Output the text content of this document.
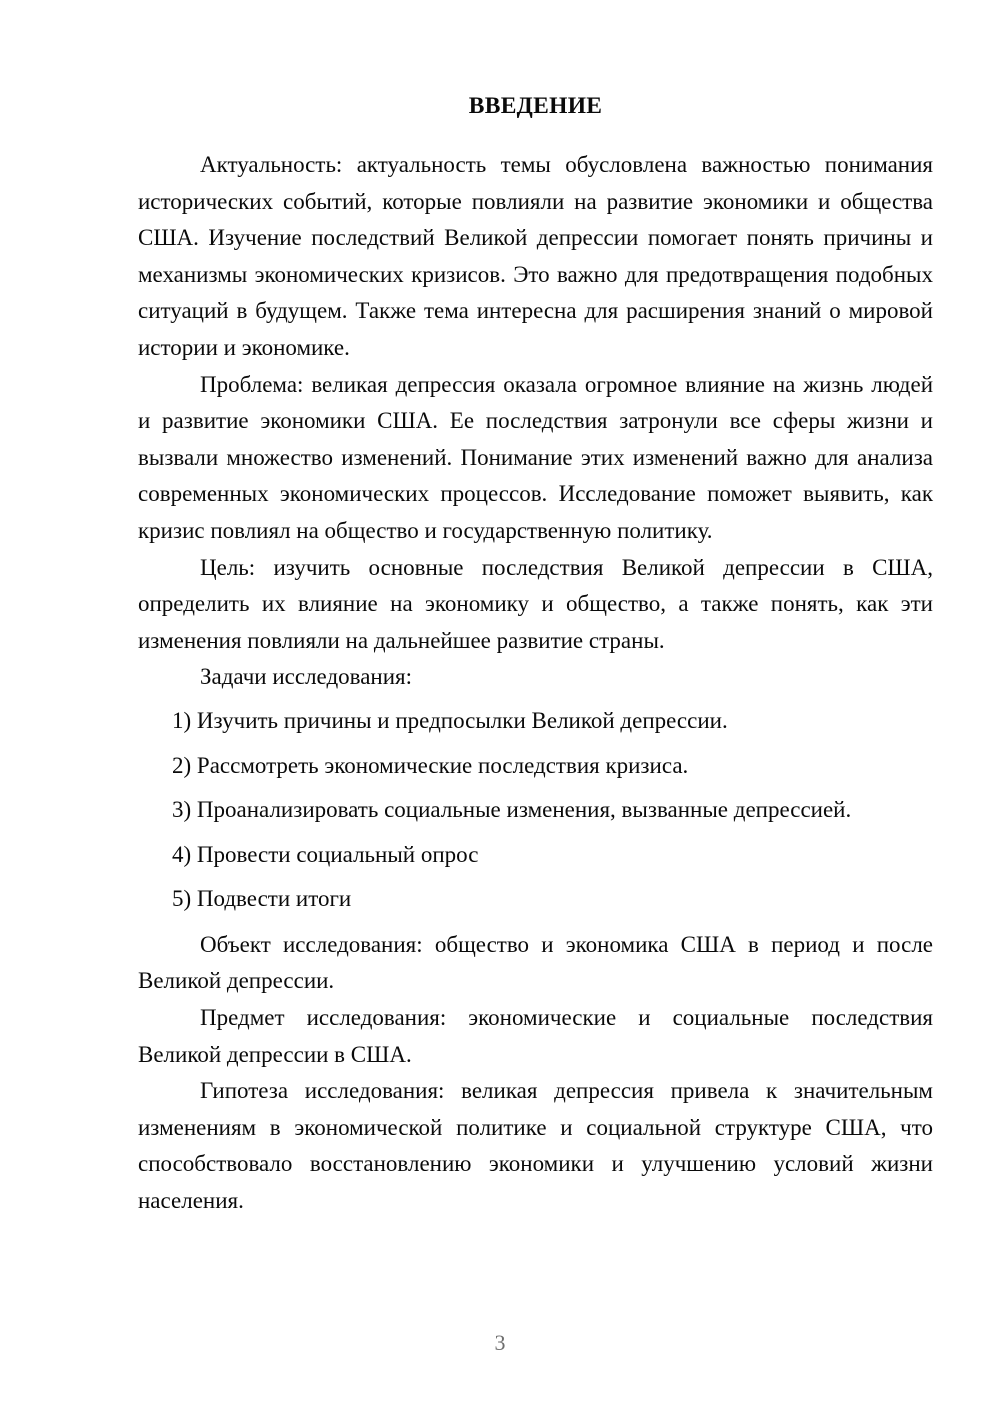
ВВЕДЕНИЕ

Актуальность: актуальность темы обусловлена важностью понимания исторических событий, которые повлияли на развитие экономики и общества США. Изучение последствий Великой депрессии помогает понять причины и механизмы экономических кризисов. Это важно для предотвращения подобных ситуаций в будущем. Также тема интересна для расширения знаний о мировой истории и экономике.

Проблема: великая депрессия оказала огромное влияние на жизнь людей и развитие экономики США. Ее последствия затронули все сферы жизни и вызвали множество изменений. Понимание этих изменений важно для анализа современных экономических процессов. Исследование поможет выявить, как кризис повлиял на общество и государственную политику.

Цель: изучить основные последствия Великой депрессии в США, определить их влияние на экономику и общество, а также понять, как эти изменения повлияли на дальнейшее развитие страны.

Задачи исследования:

1) Изучить причины и предпосылки Великой депрессии.
2) Рассмотреть экономические последствия кризиса.
3) Проанализировать социальные изменения, вызванные депрессией.
4) Провести социальный опрос
5) Подвести итоги

Объект исследования: общество и экономика США в период и после Великой депрессии.

Предмет исследования: экономические и социальные последствия Великой депрессии в США.

Гипотеза исследования: великая депрессия привела к значительным изменениям в экономической политике и социальной структуре США, что способствовало восстановлению экономики и улучшению условий жизни населения.

3
